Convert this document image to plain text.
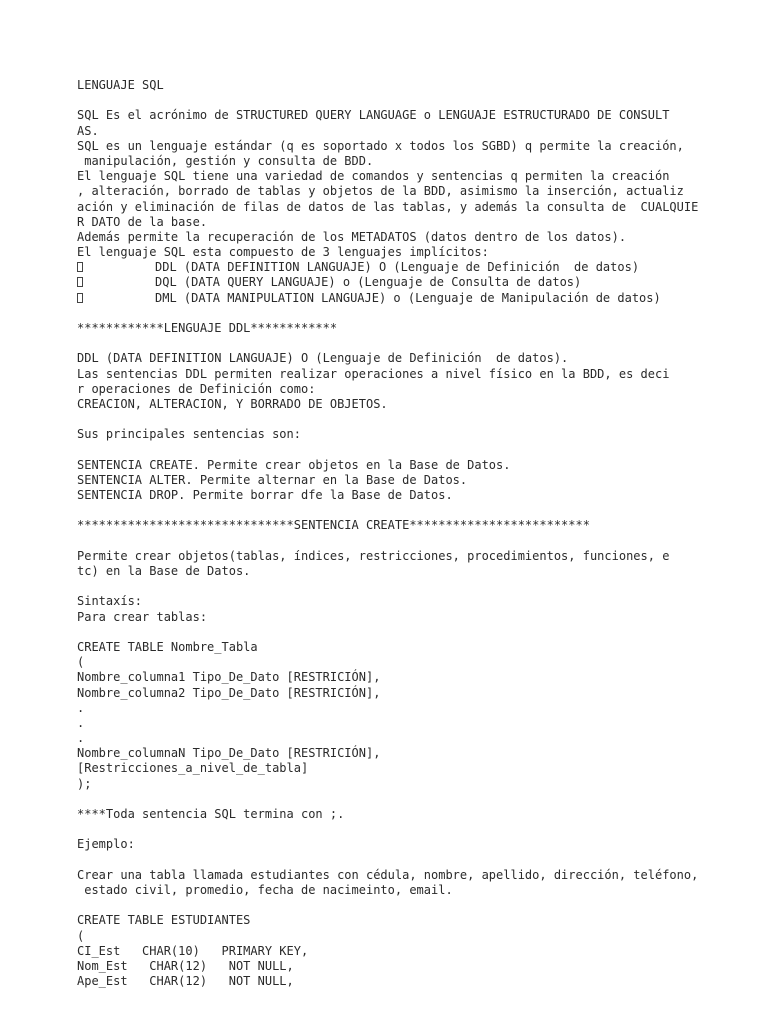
LENGUAJE SQL
SQL Es el acrónimo de STRUCTURED QUERY LANGUAGE o LENGUAJE ESTRUCTURADO DE CONSULT
AS.
SQL es un lenguaje estándar (q es soportado x todos los SGBD) q permite la creación,
manipulación, gestión y consulta de BDD.
El lenguaje SQL tiene una variedad de comandos y sentencias q permiten la creación
, alteración, borrado de tablas y objetos de la BDD, asimismo la inserción, actualiz
ación y eliminación de filas de datos de las tablas, y además la consulta de  CUALQUIE
R DATO de la base.
Además permite la recuperación de los METADATOS (datos dentro de los datos).
El lenguaje SQL esta compuesto de 3 lenguajes implícitos:
DDL (DATA DEFINITION LANGUAJE) O (Lenguaje de Definición  de datos)
DQL (DATA QUERY LANGUAJE) o (Lenguaje de Consulta de datos)
DML (DATA MANIPULATION LANGUAJE) o (Lenguaje de Manipulación de datos)
************LENGUAJE DDL************
DDL (DATA DEFINITION LANGUAJE) O (Lenguaje de Definición  de datos).
Las sentencias DDL permiten realizar operaciones a nivel físico en la BDD, es deci
r operaciones de Definición como:
CREACION, ALTERACION, Y BORRADO DE OBJETOS.
Sus principales sentencias son:
SENTENCIA CREATE. Permite crear objetos en la Base de Datos.
SENTENCIA ALTER. Permite alternar en la Base de Datos.
SENTENCIA DROP. Permite borrar dfe la Base de Datos.
******************************SENTENCIA CREATE*************************
Permite crear objetos(tablas, índices, restricciones, procedimientos, funciones, e
tc) en la Base de Datos.
Sintaxís:
Para crear tablas:
CREATE TABLE Nombre_Tabla
(
Nombre_columna1 Tipo_De_Dato [RESTRICIÓN],
Nombre_columna2 Tipo_De_Dato [RESTRICIÓN],
.
.
.
Nombre_columnaN Tipo_De_Dato [RESTRICIÓN],
[Restricciones_a_nivel_de_tabla]
);
****Toda sentencia SQL termina con ;.
Ejemplo:
Crear una tabla llamada estudiantes con cédula, nombre, apellido, dirección, teléfono,
estado civil, promedio, fecha de nacimeinto, email.
CREATE TABLE ESTUDIANTES
(
CI_Est   CHAR(10)   PRIMARY KEY,
Nom_Est   CHAR(12)   NOT NULL,
Ape_Est   CHAR(12)   NOT NULL,
